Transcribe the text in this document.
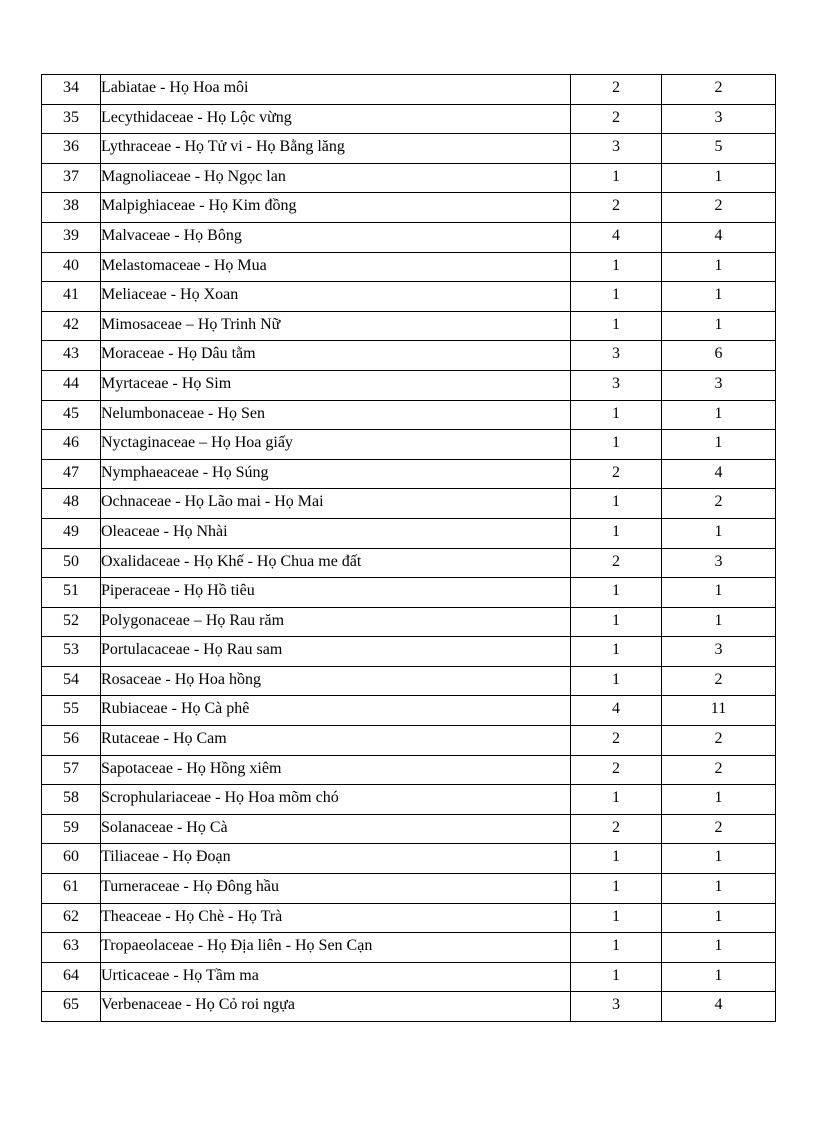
34	Labiatae - Họ Hoa môi	2	2
35	Lecythidaceae - Họ Lộc vừng	2	3
36	Lythraceae - Họ Tử vi - Họ Bằng lăng	3	5
37	Magnoliaceae - Họ Ngọc lan	1	1
38	Malpighiaceae - Họ Kim đồng	2	2
39	Malvaceae - Họ Bông	4	4
40	Melastomaceae - Họ Mua	1	1
41	Meliaceae - Họ Xoan	1	1
42	Mimosaceae – Họ Trinh Nữ	1	1
43	Moraceae - Họ Dâu tằm	3	6
44	Myrtaceae - Họ Sim	3	3
45	Nelumbonaceae - Họ Sen	1	1
46	Nyctaginaceae – Họ Hoa giấy	1	1
47	Nymphaeaceae - Họ Súng	2	4
48	Ochnaceae - Họ Lão mai - Họ Mai	1	2
49	Oleaceae - Họ Nhài	1	1
50	Oxalidaceae - Họ Khế - Họ Chua me đất	2	3
51	Piperaceae - Họ Hồ tiêu	1	1
52	Polygonaceae – Họ Rau răm	1	1
53	Portulacaceae - Họ Rau sam	1	3
54	Rosaceae - Họ Hoa hồng	1	2
55	Rubiaceae - Họ Cà phê	4	11
56	Rutaceae - Họ Cam	2	2
57	Sapotaceae - Họ Hồng xiêm	2	2
58	Scrophulariaceae - Họ Hoa mõm chó	1	1
59	Solanaceae - Họ Cà	2	2
60	Tiliaceae - Họ Đoạn	1	1
61	Turneraceae - Họ Đông hầu	1	1
62	Theaceae - Họ Chè - Họ Trà	1	1
63	Tropaeolaceae - Họ Địa liên - Họ Sen Cạn	1	1
64	Urticaceae - Họ Tầm ma	1	1
65	Verbenaceae - Họ Cỏ roi ngựa	3	4
